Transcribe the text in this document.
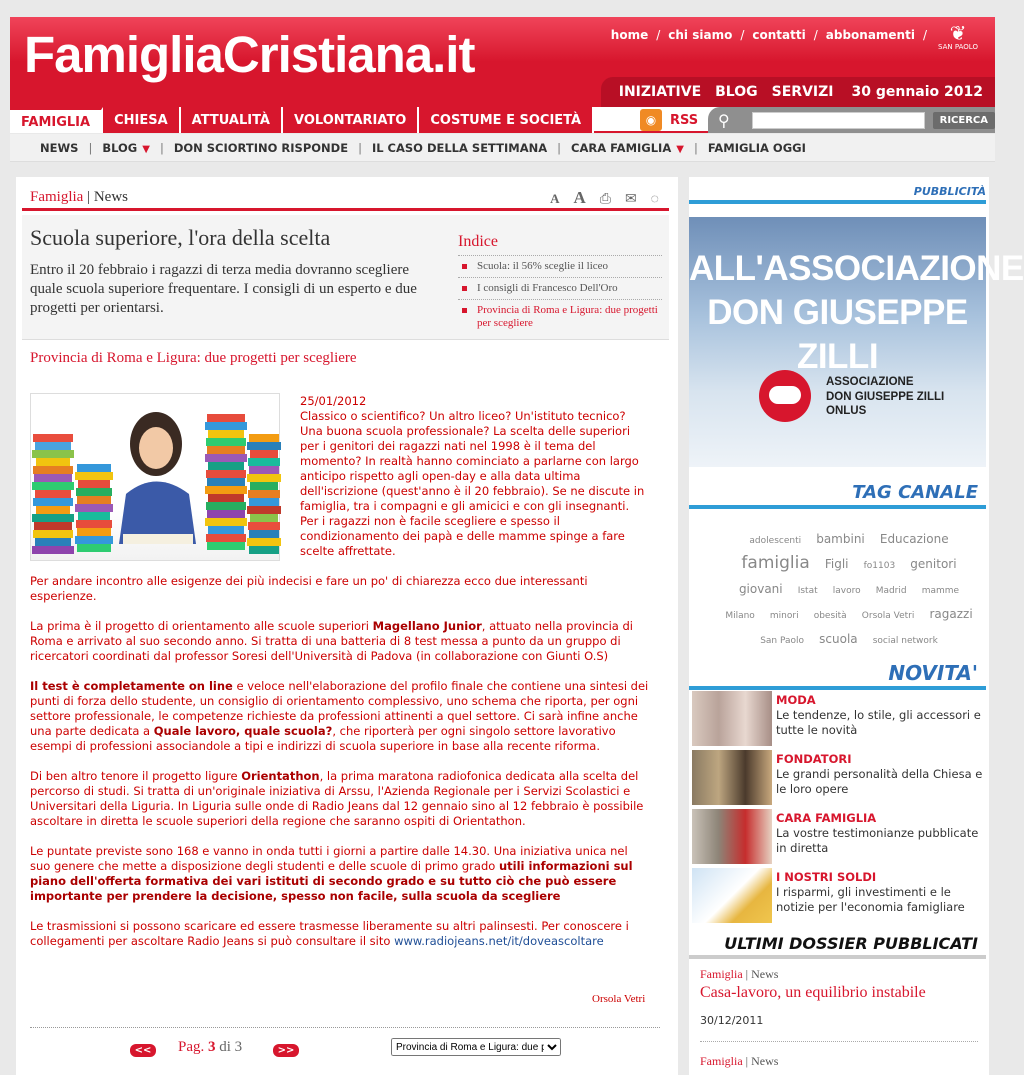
FamigliaCristiana.it	home / chi siamo / contatti / abbonamenti /	❦
SAN PAOLO
INIZIATIVE BLOG SERVIZI 30 gennaio 2012
FAMIGLIA	CHIESA	ATTUALITÀ	VOLONTARIATO	COSTUME E SOCIETÀ	◉	RSS ⚲	RICERCA
NEWS | BLOG ▼ | DON SCIORTINO RISPONDE | IL CASO DELLA SETTIMANA | CARA FAMIGLIA ▼ | FAMIGLIA OGGI
Famiglia | News	A A ⎙ ✉ ◌
Scuola superiore, l'ora della scelta
Entro il 20 febbraio i ragazzi di terza media dovranno scegliere quale scuola superiore frequentare. I consigli di un esperto e due progetti per orientarsi.
Indice
Scuola: il 56% sceglie il liceo
I consigli di Francesco Dell'Oro
Provincia di Roma e Ligura: due progetti per scegliere
Provincia di Roma e Ligura: due progetti per scegliere

25/01/2012

Classico o scientifico? Un altro liceo? Un'istituto tecnico? Una buona scuola professionale? La scelta delle superiori per i genitori dei ragazzi nati nel 1998 è il tema del momento? In realtà hanno cominciato a parlarne con largo anticipo rispetto agli open-day e alla data ultima dell'iscrizione (quest'anno è il 20 febbraio). Se ne discute in famiglia, tra i compagni e gli amicici e con gli insegnanti. Per i ragazzi non è facile scegliere e spesso il condizionamento dei papà e delle mamme spinge a fare scelte affrettate.

Per andare incontro alle esigenze dei più indecisi e fare un po' di chiarezza ecco due interessanti esperienze.

La prima è il progetto di orientamento alle scuole superiori Magellano Junior, attuato nella provincia di Roma e arrivato al suo secondo anno. Si tratta di una batteria di 8 test messa a punto da un gruppo di ricercatori coordinati dal professor Soresi dell'Università di Padova (in collaborazione con Giunti O.S)

Il test è completamente on line e veloce nell'elaborazione del profilo finale che contiene una sintesi dei punti di forza dello studente, un consiglio di orientamento complessivo, uno schema che riporta, per ogni settore professionale, le competenze richieste da professioni attinenti a quel settore. Ci sarà infine anche una parte dedicata a Quale lavoro, quale scuola?, che riporterà per ogni singolo settore lavorativo esempi di professioni associandole a tipi e indirizzi di scuola superiore in base alla recente riforma.

Di ben altro tenore il progetto ligure Orientathon, la prima maratona radiofonica dedicata alla scelta del percorso di studi. Si tratta di un'originale iniziativa di Arssu, l'Azienda Regionale per i Servizi Scolastici e Universitari della Liguria. In Liguria sulle onde di Radio Jeans dal 12 gennaio sino al 12 febbraio è possibile ascoltare in diretta le scuole superiori della regione che saranno ospiti di Orientathon.

Le puntate previste sono 168 e vanno in onda tutti i giorni a partire dalle 14.30. Una iniziativa unica nel suo genere che mette a disposizione degli studenti e delle scuole di primo grado utili informazioni sul piano dell'offerta formativa dei vari istituti di secondo grado e su tutto ciò che può essere importante per prendere la decisione, spesso non facile, sulla scuola da scegliere

Le trasmissioni si possono scaricare ed essere trasmesse liberamente su altri palinsesti. Per conoscere i collegamenti per ascoltare Radio Jeans si può consultare il sito www.radiojeans.net/it/doveascoltare

Orsola Vetri
<<	Pag. 3 di 3	>>
Provincia di Roma e Ligura: due progetti per scegliere
PUBBLICITÀ
ALL'ASSOCIAZIONE
DON GIUSEPPE ZILLI
ASSOCIAZIONE
DON GIUSEPPE ZILLI
ONLUS
TAG CANALE
adolescenti bambini Educazione famiglia Figli fo1103 genitori giovani Istat lavoro Madrid mamme Milano minori obesità Orsola Vetri ragazzi San Paolo scuola social network
NOVITA'
MODA
Le tendenze, lo stile, gli accessori e tutte le novità
FONDATORI
Le grandi personalità della Chiesa e le loro opere
CARA FAMIGLIA
La vostre testimonianze pubblicate in diretta
I NOSTRI SOLDI
I risparmi, gli investimenti e le notizie per l'economia famigliare
ULTIMI DOSSIER PUBBLICATI
Famiglia | News
Casa-lavoro, un equilibrio instabile
30/12/2011
Famiglia | News
